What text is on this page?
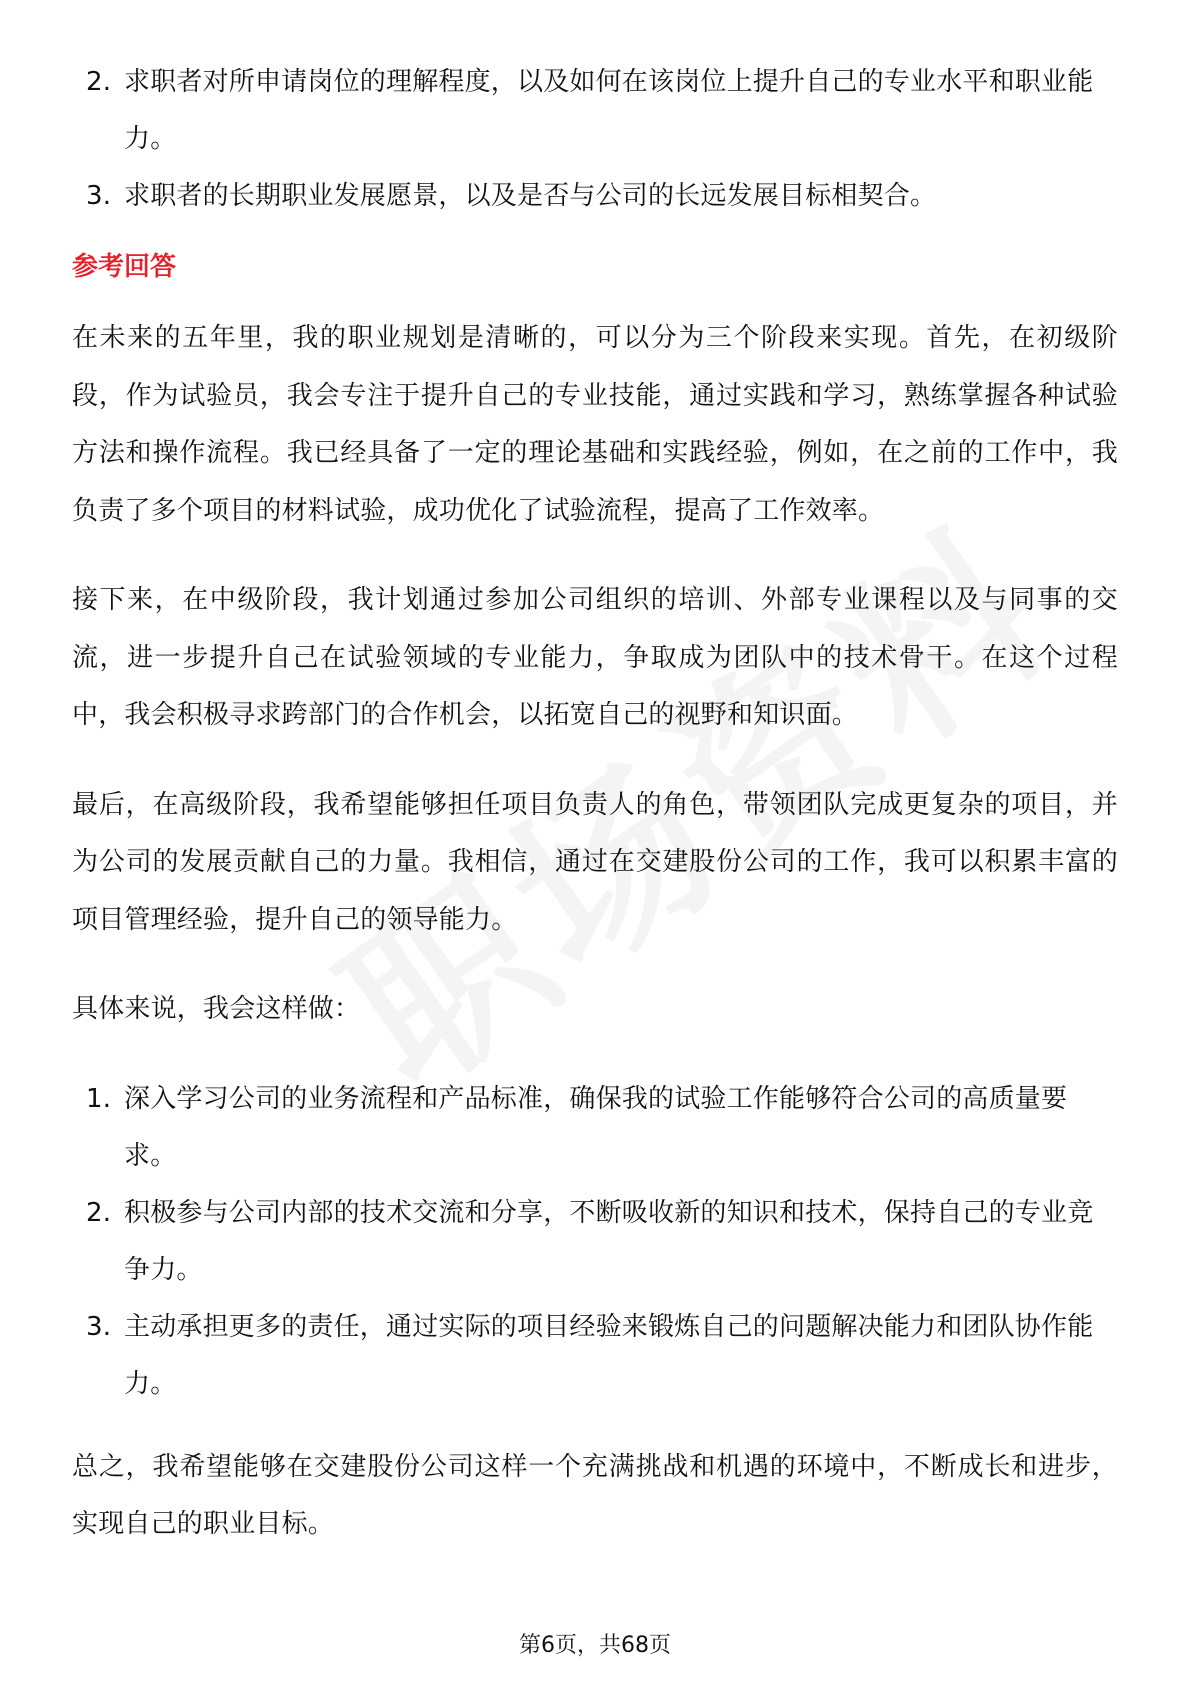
2. 求职者对所申请岗位的理解程度，以及如何在该岗位上提升自己的专业水平和职业能力。
3. 求职者的长期职业发展愿景，以及是否与公司的长远发展目标相契合。
参考回答

在未来的五年里，我的职业规划是清晰的，可以分为三个阶段来实现。首先，在初级阶段，作为试验员，我会专注于提升自己的专业技能，通过实践和学习，熟练掌握各种试验方法和操作流程。我已经具备了一定的理论基础和实践经验，例如，在之前的工作中，我负责了多个项目的材料试验，成功优化了试验流程，提高了工作效率。

接下来，在中级阶段，我计划通过参加公司组织的培训、外部专业课程以及与同事的交流，进一步提升自己在试验领域的专业能力，争取成为团队中的技术骨干。在这个过程中，我会积极寻求跨部门的合作机会，以拓宽自己的视野和知识面。

最后，在高级阶段，我希望能够担任项目负责人的角色，带领团队完成更复杂的项目，并为公司的发展贡献自己的力量。我相信，通过在交建股份公司的工作，我可以积累丰富的项目管理经验，提升自己的领导能力。

具体来说，我会这样做：

1. 深入学习公司的业务流程和产品标准，确保我的试验工作能够符合公司的高质量要求。
2. 积极参与公司内部的技术交流和分享，不断吸收新的知识和技术，保持自己的专业竞争力。
3. 主动承担更多的责任，通过实际的项目经验来锻炼自己的问题解决能力和团队协作能力。

总之，我希望能够在交建股份公司这样一个充满挑战和机遇的环境中，不断成长和进步，实现自己的职业目标。

第6页，共68页
